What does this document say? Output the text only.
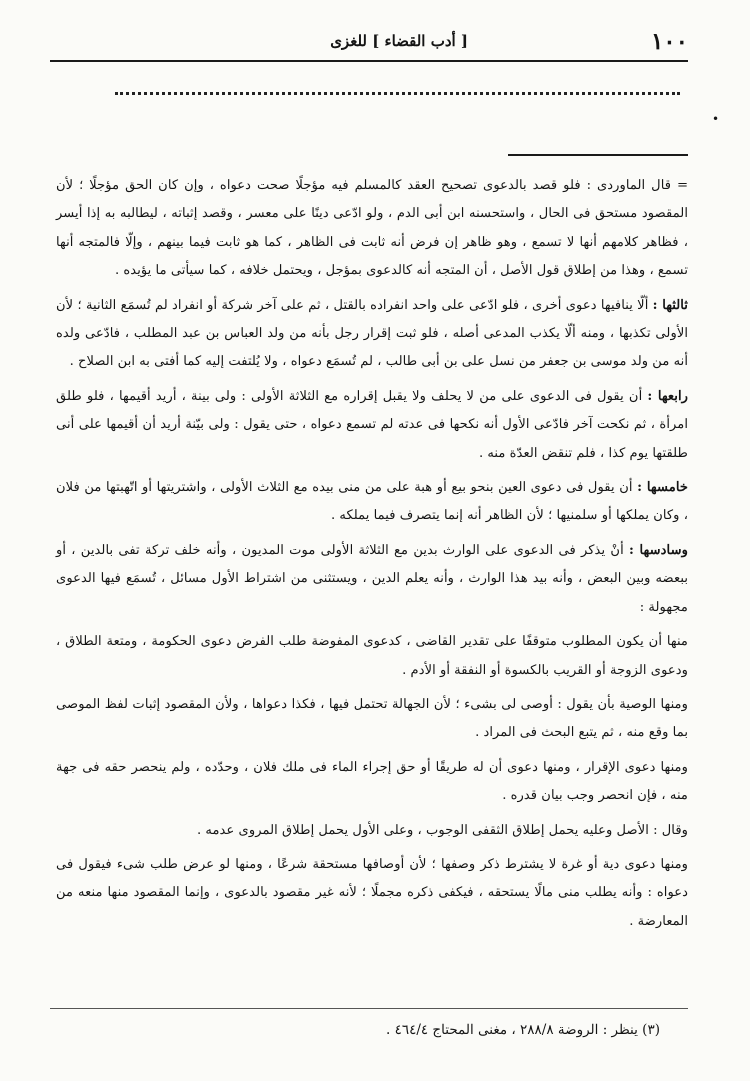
١٠٠
[ أدب القضاء ] للغزى
•

= قال الماوردى : فلو قصد بالدعوى تصحيح العقد كالمسلم فيه مؤجلًا صحت دعواه ، وإن كان الحق مؤجلًا ؛ لأن المقصود مستحق فى الحال ، واستحسنه ابن أبى الدم ، ولو ادّعى دينًا على معسر ، وقصد إثباته ، ليطالبه به إذا أيسر ، فظاهر كلامهم أنها لا تسمع ، وهو ظاهر إن فرض أنه ثابت فى الظاهر ، كما هو ثابت فيما بينهم ، وإلّا فالمتجه أنها تسمع ، وهذا من إطلاق قول الأصل ، أن المتجه أنه كالدعوى بمؤجل ، ويحتمل خلافه ، كما سيأتى ما يؤيده .

ثالثها : ألّا ينافيها دعوى أخرى ، فلو ادّعى على واحد انفراده بالقتل ، ثم على آخر شركة أو انفراد لم تُسمَع الثانية ؛ لأن الأولى تكذبها ، ومنه ألّا يكذب المدعى أصله ، فلو ثبت إقرار رجل بأنه من ولد العباس بن عبد المطلب ، فادّعى ولده أنه من ولد موسى بن جعفر من نسل على بن أبى طالب ، لم تُسمَع دعواه ، ولا يُلتفت إليه كما أفتى به ابن الصلاح .

رابعها : أن يقول فى الدعوى على من لا يحلف ولا يقبل إقراره مع الثلاثة الأولى : ولى بينة ، أريد أقيمها ، فلو طلق امرأة ، ثم نكحت آخر فادّعى الأول أنه نكحها فى عدته لم تسمع دعواه ، حتى يقول : ولى بيّنة أريد أن أقيمها على أنى طلقتها يوم كذا ، فلم تنقض العدّة منه .

خامسها : أن يقول فى دعوى العين بنحو بيع أو هبة على من منى بيده مع الثلاث الأولى ، واشتريتها أو اتّهبتها من فلان ، وكان يملكها أو سلمنيها ؛ لأن الظاهر أنه إنما يتصرف فيما يملكه .

وسادسها : أنْ يذكر فى الدعوى على الوارث بدين مع الثلاثة الأولى موت المديون ، وأنه خلف تركة تفى بالدين ، أو ببعضه وبين البعض ، وأنه بيد هذا الوارث ، وأنه يعلم الدين ، ويستثنى من اشتراط الأول مسائل ، تُسمَع فيها الدعوى مجهولة :

منها أن يكون المطلوب متوقفًا على تقدير القاضى ، كدعوى المفوضة طلب الفرض دعوى الحكومة ، ومتعة الطلاق ، ودعوى الزوجة أو القريب بالكسوة أو النفقة أو الأدم .

ومنها الوصية بأن يقول : أوصى لى بشىء ؛ لأن الجهالة تحتمل فيها ، فكذا دعواها ، ولأن المقصود إثبات لفظ الموصى بما وقع منه ، ثم يتبع البحث فى المراد .

ومنها دعوى الإقرار ، ومنها دعوى أن له طريقًا أو حق إجراء الماء فى ملك فلان ، وحدّده ، ولم ينحصر حقه فى جهة منه ، فإن انحصر وجب بيان قدره .

وقال : الأصل وعليه يحمل إطلاق الثقفى الوجوب ، وعلى الأول يحمل إطلاق المروى عدمه .

ومنها دعوى دية أو غرة لا يشترط ذكر وصفها ؛ لأن أوصافها مستحقة شرعًا ، ومنها لو عرض طلب شىء فيقول فى دعواه : وأنه يطلب منى مالًا يستحقه ، فيكفى ذكره مجملًا ؛ لأنه غير مقصود بالدعوى ، وإنما المقصود منها منعه من المعارضة .

(٣) ينظر : الروضة ٢٨٨/٨ ، مغنى المحتاج ٤٦٤/٤ .
